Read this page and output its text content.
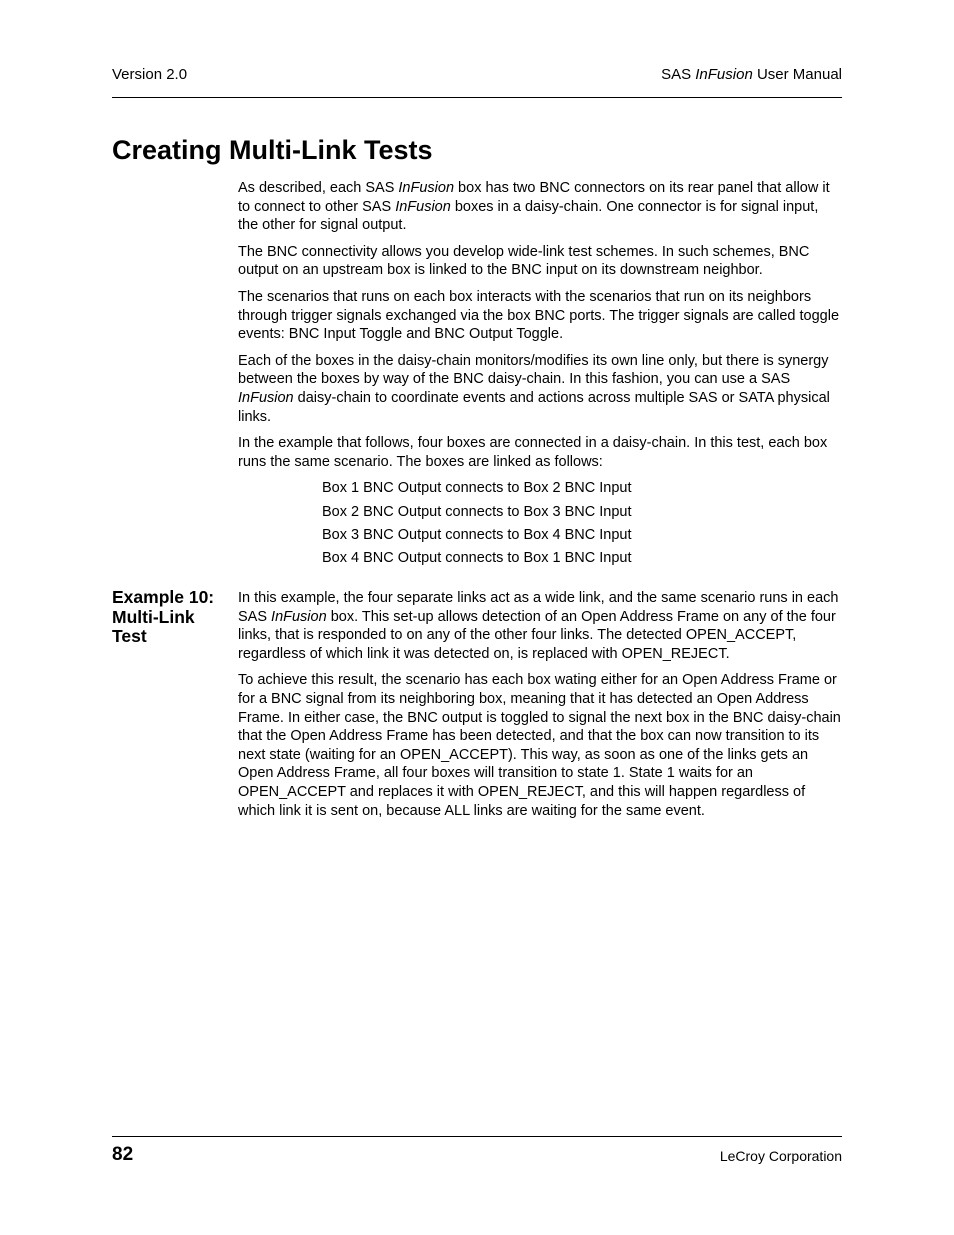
Version 2.0	SAS InFusion User Manual
Creating Multi-Link Tests

As described, each SAS InFusion box has two BNC connectors on its rear panel that allow it to connect to other SAS InFusion boxes in a daisy-chain. One connector is for signal input, the other for signal output.

The BNC connectivity allows you develop wide-link test schemes. In such schemes, BNC output on an upstream box is linked to the BNC input on its downstream neighbor.

The scenarios that runs on each box interacts with the scenarios that run on its neighbors through trigger signals exchanged via the box BNC ports. The trigger signals are called toggle events: BNC Input Toggle and BNC Output Toggle.

Each of the boxes in the daisy-chain monitors/modifies its own line only, but there is synergy between the boxes by way of the BNC daisy-chain. In this fashion, you can use a SAS InFusion daisy-chain to coordinate events and actions across multiple SAS or SATA physical links.

In the example that follows, four boxes are connected in a daisy-chain. In this test, each box runs the same scenario. The boxes are linked as follows:

Box 1 BNC Output connects to Box 2 BNC Input
Box 2 BNC Output connects to Box 3 BNC Input
Box 3 BNC Output connects to Box 4 BNC Input
Box 4 BNC Output connects to Box 1 BNC Input
Example 10:
Multi-Link
Test

In this example, the four separate links act as a wide link, and the same scenario runs in each SAS InFusion box. This set-up allows detection of an Open Address Frame on any of the four links, that is responded to on any of the other four links. The detected OPEN_ACCEPT, regardless of which link it was detected on, is replaced with OPEN_REJECT.

To achieve this result, the scenario has each box wating either for an Open Address Frame or for a BNC signal from its neighboring box, meaning that it has detected an Open Address Frame. In either case, the BNC output is toggled to signal the next box in the BNC daisy-chain that the Open Address Frame has been detected, and that the box can now transition to its next state (waiting for an OPEN_ACCEPT). This way, as soon as one of the links gets an Open Address Frame, all four boxes will transition to state 1. State 1 waits for an OPEN_ACCEPT and replaces it with OPEN_REJECT, and this will happen regardless of which link it is sent on, because ALL links are waiting for the same event.

82	LeCroy Corporation
